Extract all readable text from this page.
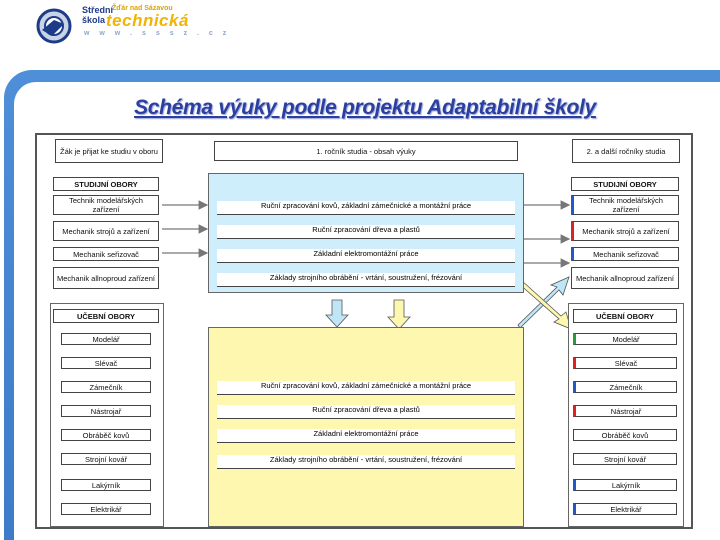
Střední
Žďár nad Sázavou
škola technická
w w w . s s s z . c z
Schéma výuky podle projektu Adaptabilní školy
Žák je přijat ke studiu v oboru	1. ročník studia - obsah výuky	2. a další ročníky studia
STUDIJNÍ OBORY
Technik modelářských zařízení
Mechanik strojů a zařízení
Mechanik seřizovač
Mechanik allnoproud zařízení
Ruční zpracování kovů, základní zámečnické a montážní práce
Ruční zpracování dřeva a plastů
Základní elektromontážní práce
Základy strojního obrábění - vrtání, soustružení, frézování
STUDIJNÍ OBORY
Technik modelářských zařízení
Mechanik strojů a zařízení
Mechanik seřizovač
Mechanik allnoproud zařízení
UČEBNÍ OBORY
Modelář
Slévač
Zámečník
Nástrojař
Obráběč kovů
Strojní kovář
Lakýrník
Elektrikář
Ruční zpracování kovů, základní zámečnické a montážní práce
Ruční zpracování dřeva a plastů
Základní elektromontážní práce
Základy strojního obrábění - vrtání, soustružení, frézování
UČEBNÍ OBORY
Modelář
Slévač
Zámečník
Nástrojař
Obráběč kovů
Strojní kovář
Lakýrník
Elektrikář
